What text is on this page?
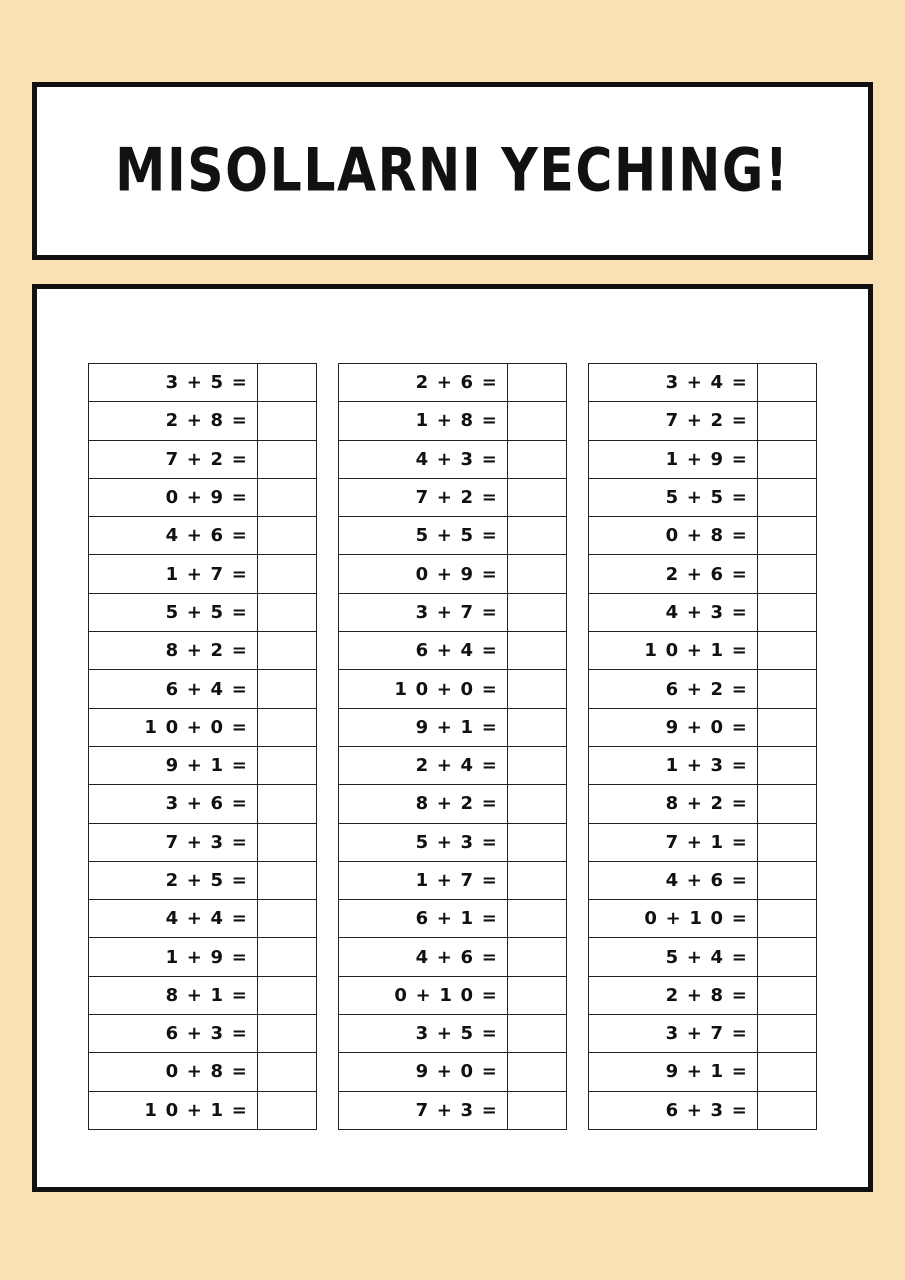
MISOLLARNI YECHING!
3 + 5 =
2 + 8 =
7 + 2 =
0 + 9 =
4 + 6 =
1 + 7 =
5 + 5 =
8 + 2 =
6 + 4 =
1 0 + 0 =
9 + 1 =
3 + 6 =
7 + 3 =
2 + 5 =
4 + 4 =
1 + 9 =
8 + 1 =
6 + 3 =
0 + 8 =
1 0 + 1 =
2 + 6 =
1 + 8 =
4 + 3 =
7 + 2 =
5 + 5 =
0 + 9 =
3 + 7 =
6 + 4 =
1 0 + 0 =
9 + 1 =
2 + 4 =
8 + 2 =
5 + 3 =
1 + 7 =
6 + 1 =
4 + 6 =
0 + 1 0 =
3 + 5 =
9 + 0 =
7 + 3 =
3 + 4 =
7 + 2 =
1 + 9 =
5 + 5 =
0 + 8 =
2 + 6 =
4 + 3 =
1 0 + 1 =
6 + 2 =
9 + 0 =
1 + 3 =
8 + 2 =
7 + 1 =
4 + 6 =
0 + 1 0 =
5 + 4 =
2 + 8 =
3 + 7 =
9 + 1 =
6 + 3 =
